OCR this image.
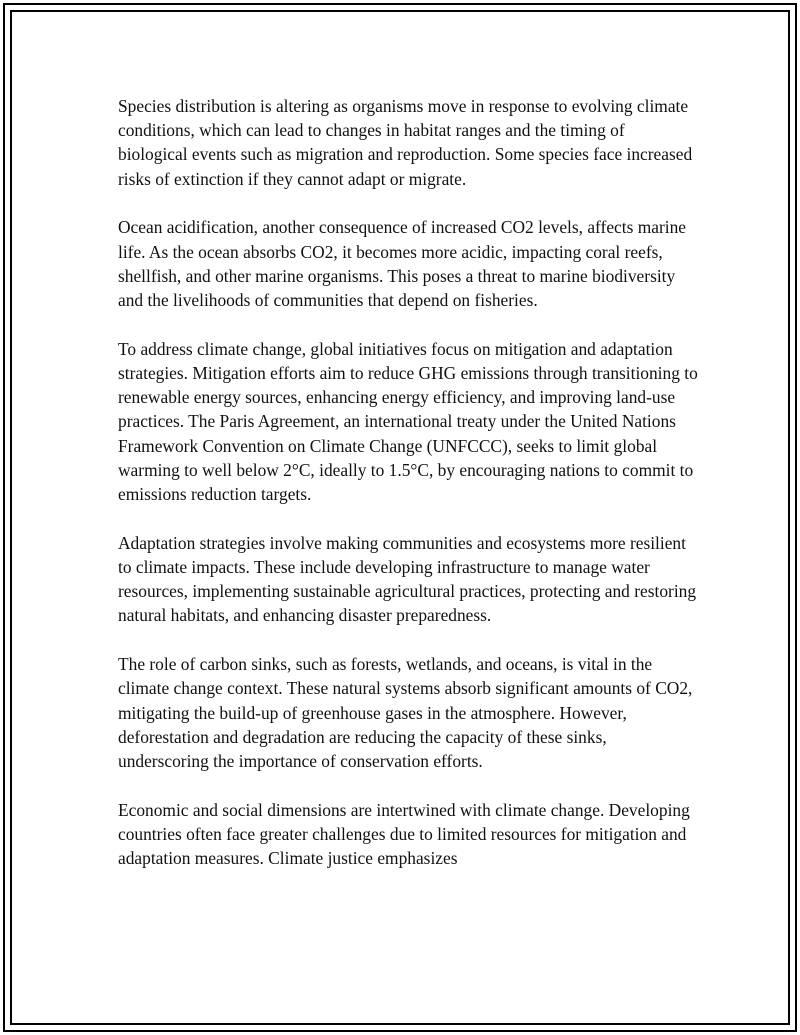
Species distribution is altering as organisms move in response to evolving climate conditions, which can lead to changes in habitat ranges and the timing of biological events such as migration and reproduction. Some species face increased risks of extinction if they cannot adapt or migrate.

Ocean acidification, another consequence of increased CO2 levels, affects marine life. As the ocean absorbs CO2, it becomes more acidic, impacting coral reefs, shellfish, and other marine organisms. This poses a threat to marine biodiversity and the livelihoods of communities that depend on fisheries.

To address climate change, global initiatives focus on mitigation and adaptation strategies. Mitigation efforts aim to reduce GHG emissions through transitioning to renewable energy sources, enhancing energy efficiency, and improving land-use practices. The Paris Agreement, an international treaty under the United Nations Framework Convention on Climate Change (UNFCCC), seeks to limit global warming to well below 2°C, ideally to 1.5°C, by encouraging nations to commit to emissions reduction targets.

Adaptation strategies involve making communities and ecosystems more resilient to climate impacts. These include developing infrastructure to manage water resources, implementing sustainable agricultural practices, protecting and restoring natural habitats, and enhancing disaster preparedness.

The role of carbon sinks, such as forests, wetlands, and oceans, is vital in the climate change context. These natural systems absorb significant amounts of CO2, mitigating the build-up of greenhouse gases in the atmosphere. However, deforestation and degradation are reducing the capacity of these sinks, underscoring the importance of conservation efforts.

Economic and social dimensions are intertwined with climate change. Developing countries often face greater challenges due to limited resources for mitigation and adaptation measures. Climate justice emphasizes
